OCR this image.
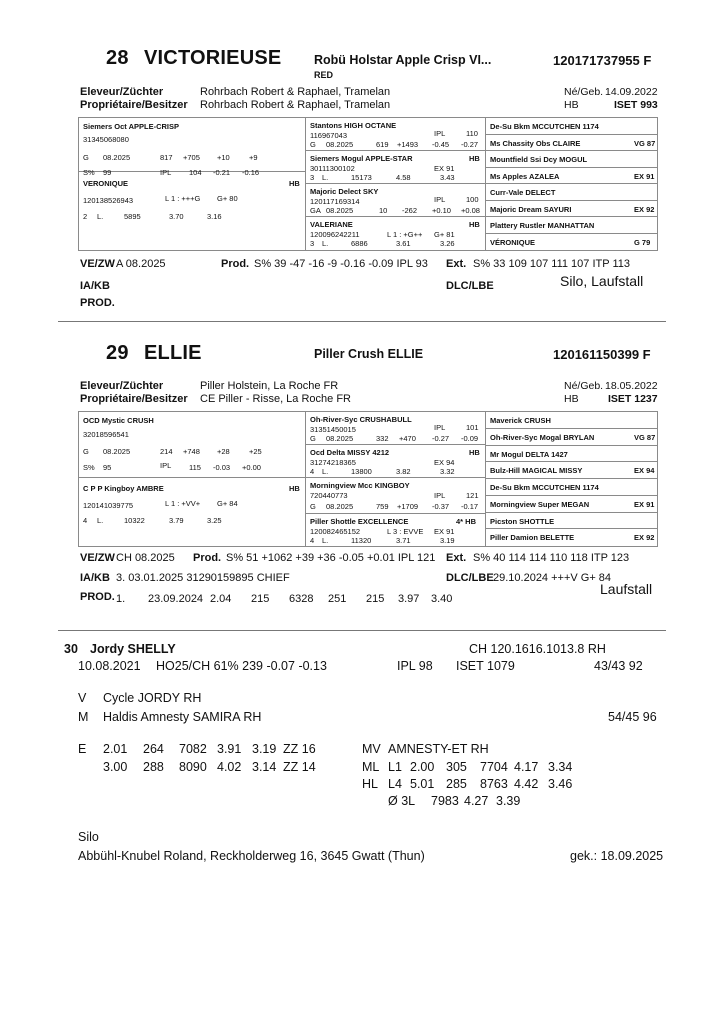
28 VICTORIEUSE	Robü Holstar Apple Crisp VI...
RED
120171737955 F
Eleveur/Züchter	Rohrbach Robert & Raphael, Tramelan
Propriétaire/Besitzer Rohrbach Robert & Raphael, Tramelan
Né/Geb. 14.09.2022
HB	ISET 993
Siemers Oct APPLE-CRISP
31345068080
G 08.2025	817 +705 +10	+9
S% 99	IPL 104 -0.21 -0.16
VERONIQUE	HB
120138526943	L 1 : +++G G+ 80
2 L.	5895	3.70	3.16
Stantons HIGH OCTANE
116967043	IPL	110
G 08.2025	619 +1493 -0.45 -0.27
Siemers Mogul APPLE-STAR	HB
30111300102	EX 91
3 L.	15173	4.58	3.43
Majoric Delect SKY
120117169314	IPL	100
GA 08.2025	10 -262 +0.10 +0.08
VALERIANE	HB
120096242211	L 1 : +G++ G+ 81
3 L.	6886	3.61	3.26
De-Su Bkm MCCUTCHEN 1174
Ms Chassity Obs CLAIRE	VG 87
Mountfield Ssi Dcy MOGUL
Ms Apples AZALEA	EX 91
Curr-Vale DELECT
Majoric Dream SAYURI	EX 92
Plattery Rustler MANHATTAN
VÉRONIQUE	G 79
VE/ZW A 08.2025	Prod. S% 39 -47 -16 -9 -0.16 -0.09 IPL 93 Ext. S% 33 109 107 111 107 ITP 113
IA/KB	DLC/LBE	Silo, Laufstall
PROD.
29 ELLIE	Piller Crush ELLIE	120161150399 F
Eleveur/Züchter	Piller Holstein, La Roche FR
Propriétaire/Besitzer CE Piller - Risse, La Roche FR
Né/Geb. 18.05.2022
HB	ISET 1237
OCD Mystic CRUSH
32018596541
G 08.2025	214 +748 +28	+25
S% 95	IPL 115 -0.03 +0.00
C P P Kingboy AMBRE	HB
120141039775	L 1 : +VV+ G+ 84
4 L.	10322	3.79	3.25
Oh-River-Syc CRUSHABULL
31351450015	IPL	101
G 08.2025	332 +470 -0.27 -0.09
Ocd Delta MISSY 4212	HB
31274218365	EX 94
4 L.	13800	3.82	3.32
Morningview Mcc KINGBOY
720440773	IPL	121
G 08.2025	759 +1709 -0.37 -0.17
Piller Shottle EXCELLENCE	4* HB
120082465152	L 3 : EVVE EX 91
4 L.	11320	3.71	3.19
Maverick CRUSH
Oh-River-Syc Mogal BRYLAN	VG 87
Mr Mogul DELTA 1427
Bulz-Hill MAGICAL MISSY	EX 94
De-Su Bkm MCCUTCHEN 1174
Morningview Super MEGAN	EX 91
Picston SHOTTLE
Piller Damion BELETTE	EX 92
VE/ZW CH 08.2025 Prod. S% 51 +1062 +39 +36 -0.05 +0.01 IPL 121 Ext. S% 40 114 114 110 118 ITP 123
IA/KB 3. 03.01.2025 31290159895 CHIEF	DLC/LBE 29.10.2024 +++V G+ 84
Laufstall
PROD. 1. 23.09.2024 2.04 215 6328 251 215 3.97 3.40
30 Jordy SHELLY	CH 120.1616.1013.8 RH
10.08.2021 HO25/CH 61% 239 -0.07 -0.13	IPL 98 ISET 1079	43/43 92
V Cycle JORDY RH
M Haldis Amnesty SAMIRA RH	54/45 96
E 2.01 264 7082 3.91 3.19 ZZ 16
3.00 288 8090 4.02 3.14 ZZ 14
MV AMNESTY-ET RH
ML L1 2.00 305 7704 4.17 3.34
HL L4 5.01 285 8763 4.42 3.46
Ø 3L 7983 4.27 3.39
Silo
Abbühl-Knubel Roland, Reckholderweg 16, 3645 Gwatt (Thun)	gek.: 18.09.2025
